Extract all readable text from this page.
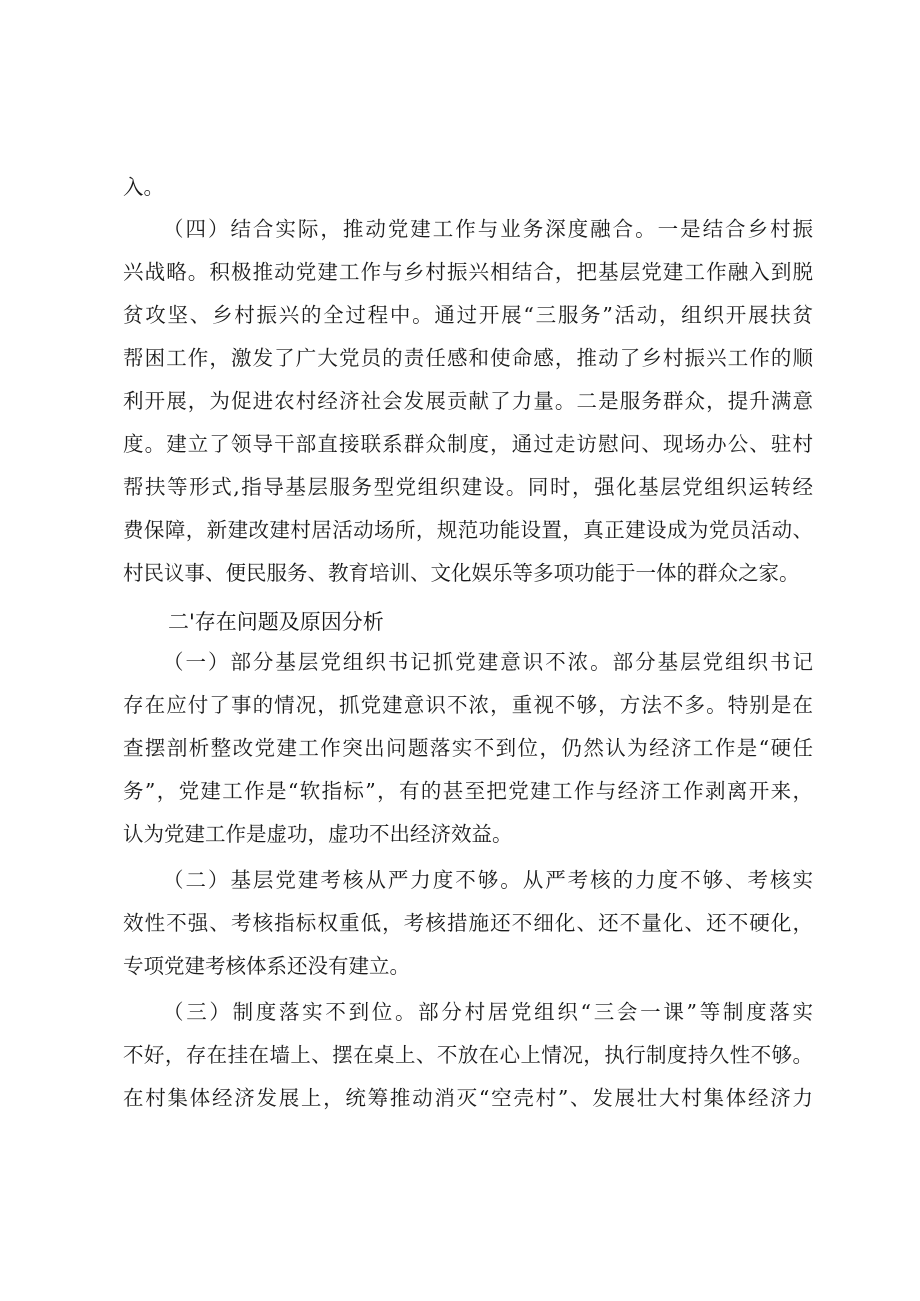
入。
（四）结合实际，推动党建工作与业务深度融合。一是结合乡村振
兴战略。积极推动党建工作与乡村振兴相结合，把基层党建工作融入到脱
贫攻坚、乡村振兴的全过程中。通过开展“三服务”活动，组织开展扶贫
帮困工作，激发了广大党员的责任感和使命感，推动了乡村振兴工作的顺
利开展，为促进农村经济社会发展贡献了力量。二是服务群众，提升满意
度。建立了领导干部直接联系群众制度，通过走访慰问、现场办公、驻村
帮扶等形式,指导基层服务型党组织建设。同时，强化基层党组织运转经
费保障，新建改建村居活动场所，规范功能设置，真正建设成为党员活动、
村民议事、便民服务、教育培训、文化娱乐等多项功能于一体的群众之家。
二'存在问题及原因分析
（一）部分基层党组织书记抓党建意识不浓。部分基层党组织书记
存在应付了事的情况，抓党建意识不浓，重视不够，方法不多。特别是在
查摆剖析整改党建工作突出问题落实不到位，仍然认为经济工作是“硬任
务”，党建工作是“软指标”，有的甚至把党建工作与经济工作剥离开来，
认为党建工作是虚功，虚功不出经济效益。
（二）基层党建考核从严力度不够。从严考核的力度不够、考核实
效性不强、考核指标权重低，考核措施还不细化、还不量化、还不硬化，
专项党建考核体系还没有建立。
（三）制度落实不到位。部分村居党组织“三会一课”等制度落实
不好，存在挂在墙上、摆在桌上、不放在心上情况，执行制度持久性不够。
在村集体经济发展上，统筹推动消灭“空壳村”、发展壮大村集体经济力
